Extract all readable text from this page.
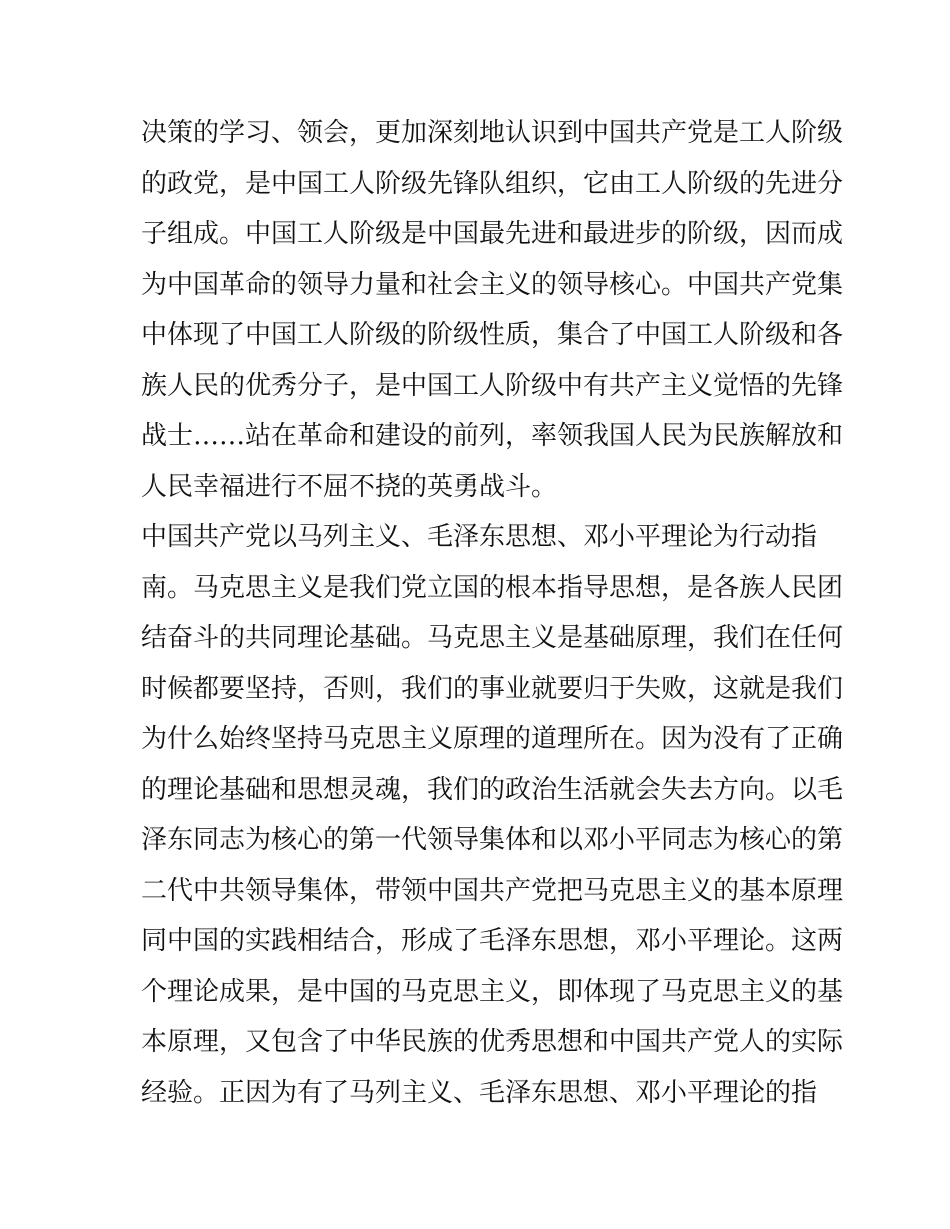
决策的学习、领会，更加深刻地认识到中国共产党是工人阶级
的政党，是中国工人阶级先锋队组织，它由工人阶级的先进分
子组成。中国工人阶级是中国最先进和最进步的阶级，因而成
为中国革命的领导力量和社会主义的领导核心。中国共产党集
中体现了中国工人阶级的阶级性质，集合了中国工人阶级和各
族人民的优秀分子，是中国工人阶级中有共产主义觉悟的先锋
战士……站在革命和建设的前列，率领我国人民为民族解放和
人民幸福进行不屈不挠的英勇战斗。
中国共产党以马列主义、毛泽东思想、邓小平理论为行动指
南。马克思主义是我们党立国的根本指导思想，是各族人民团
结奋斗的共同理论基础。马克思主义是基础原理，我们在任何
时候都要坚持，否则，我们的事业就要归于失败，这就是我们
为什么始终坚持马克思主义原理的道理所在。因为没有了正确
的理论基础和思想灵魂，我们的政治生活就会失去方向。以毛
泽东同志为核心的第一代领导集体和以邓小平同志为核心的第
二代中共领导集体，带领中国共产党把马克思主义的基本原理
同中国的实践相结合，形成了毛泽东思想，邓小平理论。这两
个理论成果，是中国的马克思主义，即体现了马克思主义的基
本原理，又包含了中华民族的优秀思想和中国共产党人的实际
经验。正因为有了马列主义、毛泽东思想、邓小平理论的指
